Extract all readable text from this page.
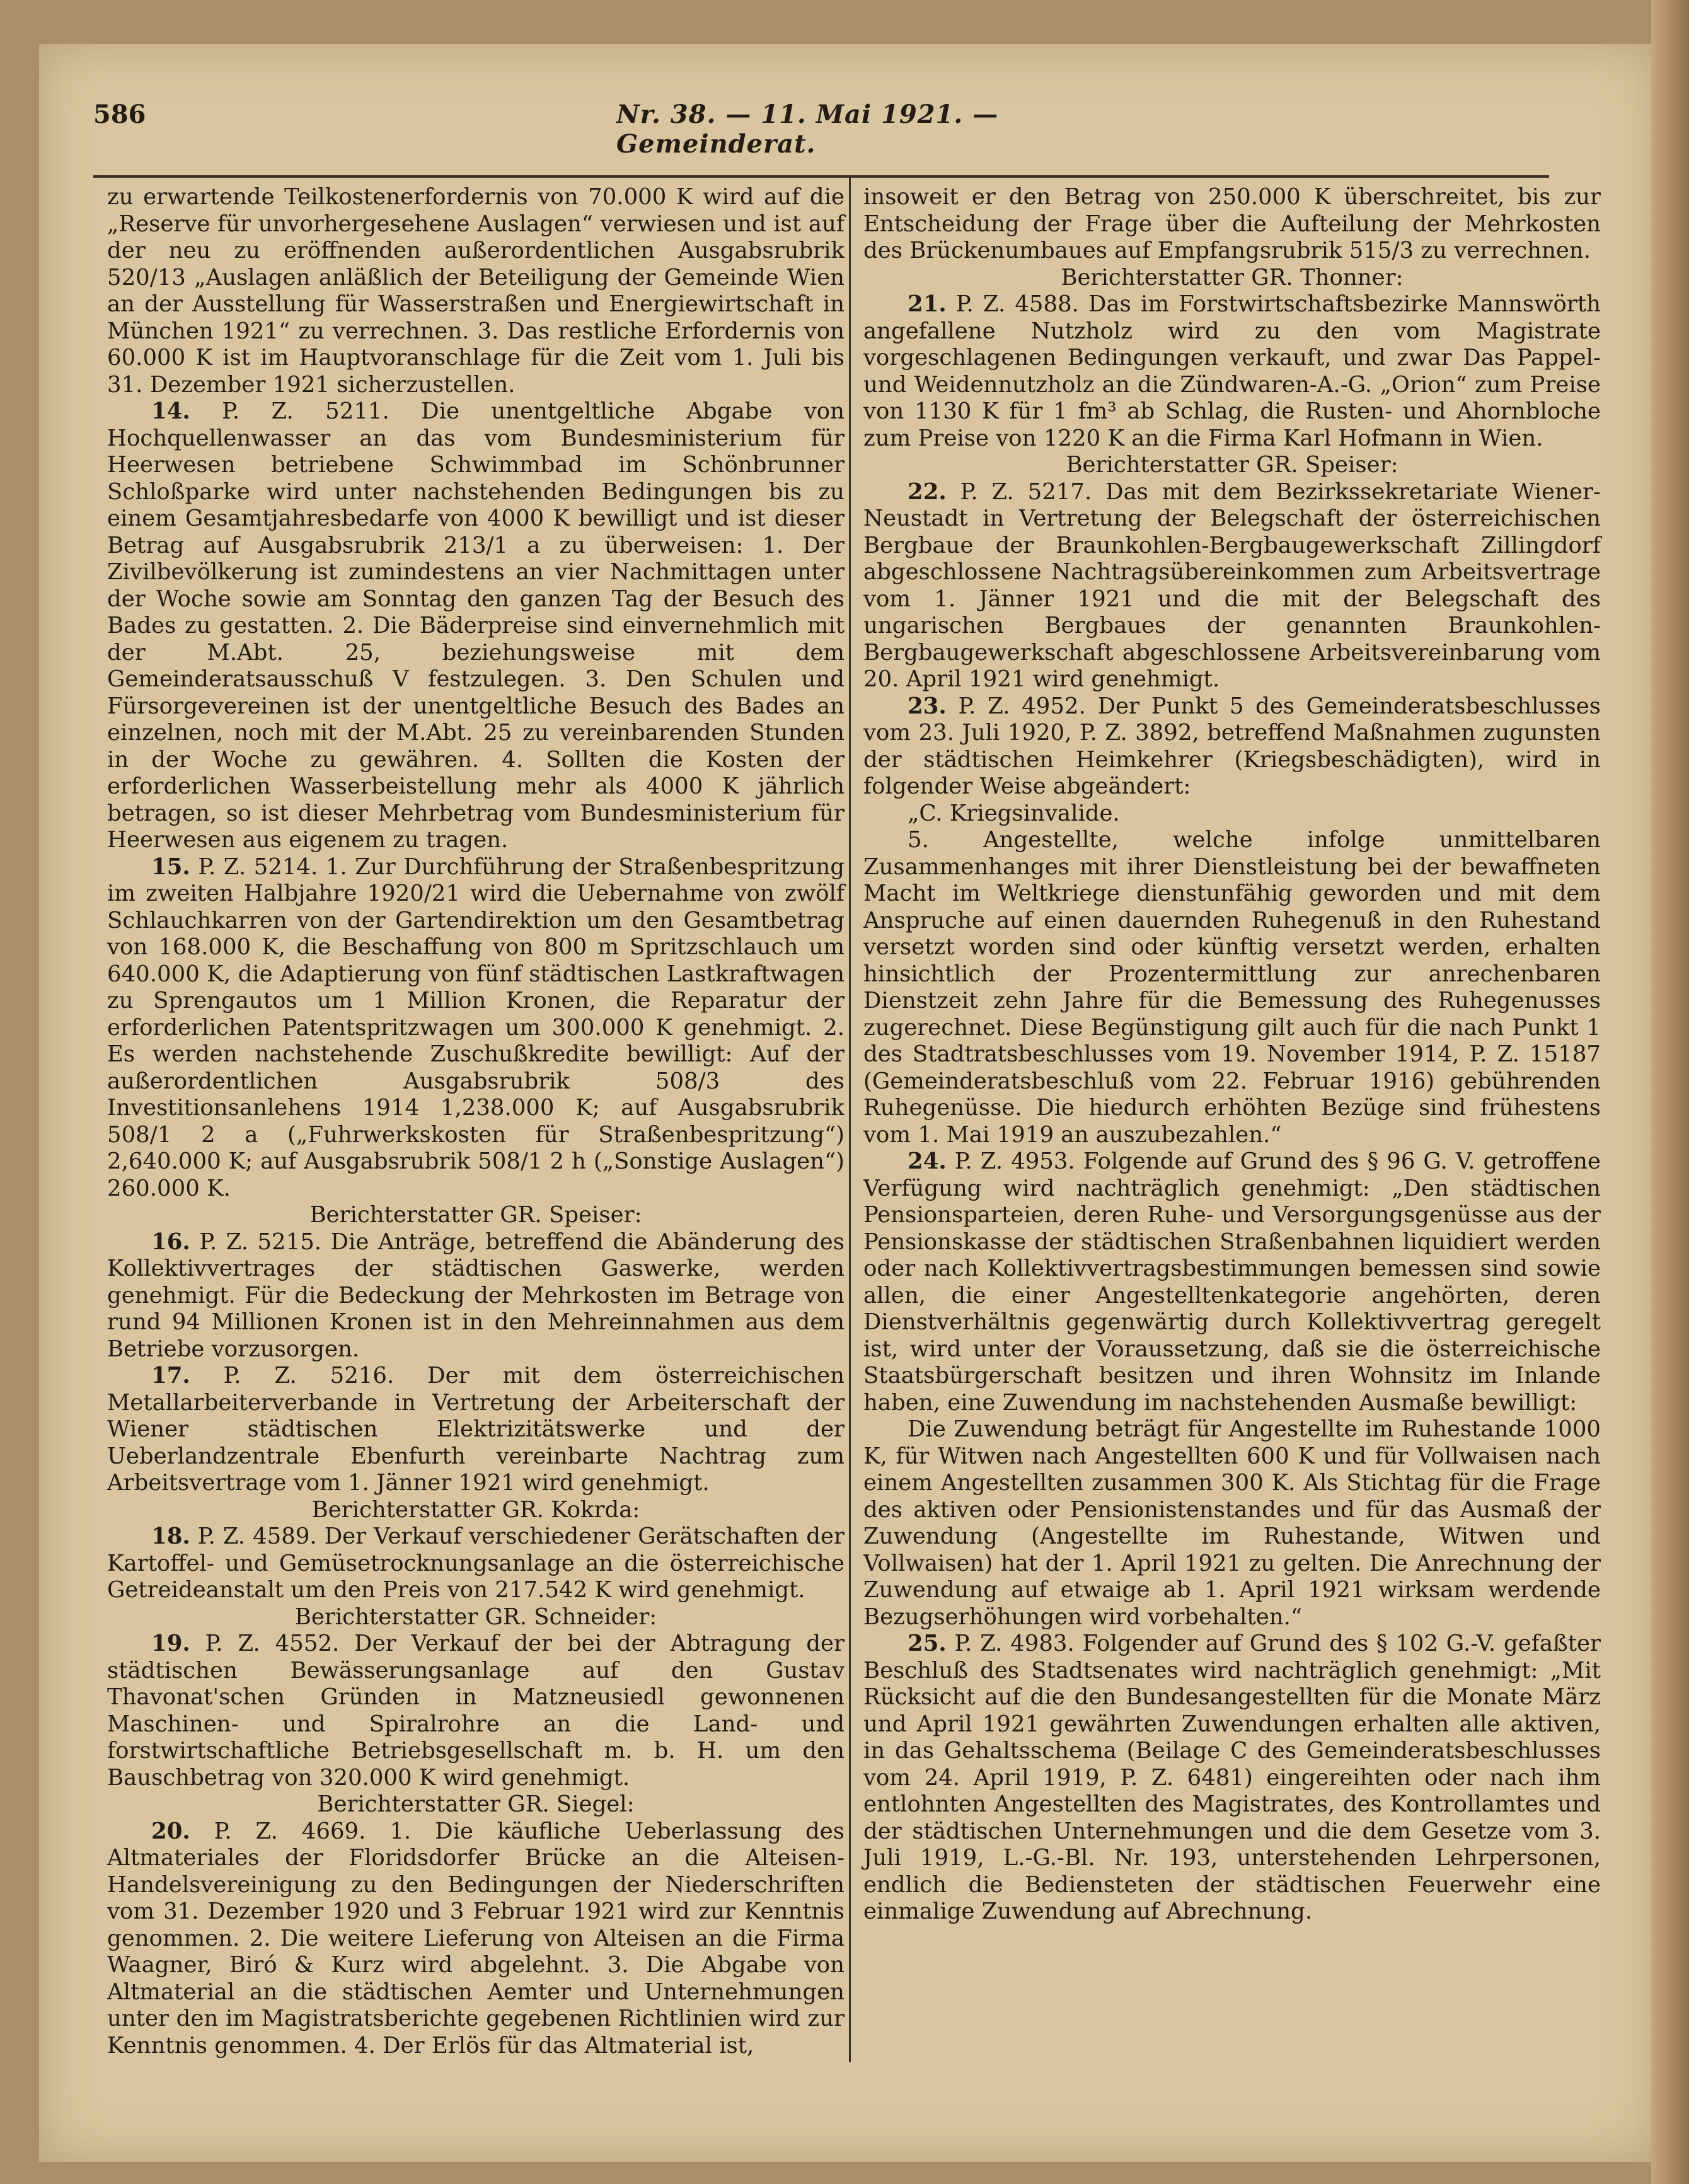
586	Nr. 38. — 11. Mai 1921. — Gemeinderat.

zu erwartende Teilkostenerfordernis von 70.000 K wird auf die „Reserve für unvorhergesehene Auslagen“ verwiesen und ist auf der neu zu eröffnenden außerordentlichen Ausgabsrubrik 520/13 „Auslagen anläßlich der Beteiligung der Gemeinde Wien an der Ausstellung für Wasserstraßen und Energiewirtschaft in München 1921“ zu verrechnen. 3. Das restliche Erfordernis von 60.000 K ist im Hauptvoranschlage für die Zeit vom 1. Juli bis 31. Dezember 1921 sicherzustellen.

14. P. Z. 5211. Die unentgeltliche Abgabe von Hochquellenwasser an das vom Bundesministerium für Heerwesen betriebene Schwimmbad im Schönbrunner Schloßparke wird unter nachstehenden Bedingungen bis zu einem Gesamtjahresbedarfe von 4000 K bewilligt und ist dieser Betrag auf Ausgabsrubrik 213/1 a zu überweisen: 1. Der Zivilbevölkerung ist zumindestens an vier Nachmittagen unter der Woche sowie am Sonntag den ganzen Tag der Besuch des Bades zu gestatten. 2. Die Bäderpreise sind einvernehmlich mit der M.Abt. 25, beziehungsweise mit dem Gemeinderatsausschuß V festzulegen. 3. Den Schulen und Fürsorgevereinen ist der unentgeltliche Besuch des Bades an einzelnen, noch mit der M.Abt. 25 zu vereinbarenden Stunden in der Woche zu gewähren. 4. Sollten die Kosten der erforderlichen Wasserbeistellung mehr als 4000 K jährlich betragen, so ist dieser Mehrbetrag vom Bundesministerium für Heerwesen aus eigenem zu tragen.

15. P. Z. 5214. 1. Zur Durchführung der Straßenbespritzung im zweiten Halbjahre 1920/21 wird die Uebernahme von zwölf Schlauchkarren von der Gartendirektion um den Gesamtbetrag von 168.000 K, die Beschaffung von 800 m Spritzschlauch um 640.000 K, die Adaptierung von fünf städtischen Lastkraftwagen zu Sprengautos um 1 Million Kronen, die Reparatur der erforderlichen Patentspritzwagen um 300.000 K genehmigt. 2. Es werden nachstehende Zuschußkredite bewilligt: Auf der außerordentlichen Ausgabsrubrik 508/3 des Investitionsanlehens 1914 1,238.000 K; auf Ausgabsrubrik 508/1 2 a („Fuhrwerkskosten für Straßenbespritzung“) 2,640.000 K; auf Ausgabsrubrik 508/1 2 h („Sonstige Auslagen“) 260.000 K.

Berichterstatter GR. Speiser:

16. P. Z. 5215. Die Anträge, betreffend die Abänderung des Kollektivvertrages der städtischen Gaswerke, werden genehmigt. Für die Bedeckung der Mehrkosten im Betrage von rund 94 Millionen Kronen ist in den Mehreinnahmen aus dem Betriebe vorzusorgen.

17. P. Z. 5216. Der mit dem österreichischen Metallarbeiterverbande in Vertretung der Arbeiterschaft der Wiener städtischen Elektrizitätswerke und der Ueberlandzentrale Ebenfurth vereinbarte Nachtrag zum Arbeitsvertrage vom 1. Jänner 1921 wird genehmigt.

Berichterstatter GR. Kokrda:

18. P. Z. 4589. Der Verkauf verschiedener Gerätschaften der Kartoffel- und Gemüsetrocknungsanlage an die österreichische Getreideanstalt um den Preis von 217.542 K wird genehmigt.

Berichterstatter GR. Schneider:

19. P. Z. 4552. Der Verkauf der bei der Abtragung der städtischen Bewässerungsanlage auf den Gustav Thavonat'schen Gründen in Matzneusiedl gewonnenen Maschinen- und Spiralrohre an die Land- und forstwirtschaftliche Betriebsgesellschaft m. b. H. um den Bauschbetrag von 320.000 K wird genehmigt.

Berichterstatter GR. Siegel:

20. P. Z. 4669. 1. Die käufliche Ueberlassung des Altmateriales der Floridsdorfer Brücke an die Alteisen-Handelsvereinigung zu den Bedingungen der Niederschriften vom 31. Dezember 1920 und 3 Februar 1921 wird zur Kenntnis genommen. 2. Die weitere Lieferung von Alteisen an die Firma Waagner, Biró & Kurz wird abgelehnt. 3. Die Abgabe von Altmaterial an die städtischen Aemter und Unternehmungen unter den im Magistratsberichte gegebenen Richtlinien wird zur Kenntnis genommen. 4. Der Erlös für das Altmaterial ist,

insoweit er den Betrag von 250.000 K überschreitet, bis zur Entscheidung der Frage über die Aufteilung der Mehrkosten des Brückenumbaues auf Empfangsrubrik 515/3 zu verrechnen.

Berichterstatter GR. Thonner:

21. P. Z. 4588. Das im Forstwirtschaftsbezirke Mannswörth angefallene Nutzholz wird zu den vom Magistrate vorgeschlagenen Bedingungen verkauft, und zwar Das Pappel- und Weidennutzholz an die Zündwaren-A.-G. „Orion“ zum Preise von 1130 K für 1 fm³ ab Schlag, die Rusten- und Ahornbloche zum Preise von 1220 K an die Firma Karl Hofmann in Wien.

Berichterstatter GR. Speiser:

22. P. Z. 5217. Das mit dem Bezirkssekretariate Wiener-Neustadt in Vertretung der Belegschaft der österreichischen Bergbaue der Braunkohlen-Bergbaugewerkschaft Zillingdorf abgeschlossene Nachtragsübereinkommen zum Arbeitsvertrage vom 1. Jänner 1921 und die mit der Belegschaft des ungarischen Bergbaues der genannten Braunkohlen-Bergbaugewerkschaft abgeschlossene Arbeitsvereinbarung vom 20. April 1921 wird genehmigt.

23. P. Z. 4952. Der Punkt 5 des Gemeinderatsbeschlusses vom 23. Juli 1920, P. Z. 3892, betreffend Maßnahmen zugunsten der städtischen Heimkehrer (Kriegsbeschädigten), wird in folgender Weise abgeändert:

„C. Kriegsinvalide.

5. Angestellte, welche infolge unmittelbaren Zusammenhanges mit ihrer Dienstleistung bei der bewaffneten Macht im Weltkriege dienstunfähig geworden und mit dem Anspruche auf einen dauernden Ruhegenuß in den Ruhestand versetzt worden sind oder künftig versetzt werden, erhalten hinsichtlich der Prozentermittlung zur anrechenbaren Dienstzeit zehn Jahre für die Bemessung des Ruhegenusses zugerechnet. Diese Begünstigung gilt auch für die nach Punkt 1 des Stadtratsbeschlusses vom 19. November 1914, P. Z. 15187 (Gemeinderatsbeschluß vom 22. Februar 1916) gebührenden Ruhegenüsse. Die hiedurch erhöhten Bezüge sind frühestens vom 1. Mai 1919 an auszubezahlen.“

24. P. Z. 4953. Folgende auf Grund des § 96 G. V. getroffene Verfügung wird nachträglich genehmigt: „Den städtischen Pensionsparteien, deren Ruhe- und Versorgungsgenüsse aus der Pensionskasse der städtischen Straßenbahnen liquidiert werden oder nach Kollektivvertragsbestimmungen bemessen sind sowie allen, die einer Angestelltenkategorie angehörten, deren Dienstverhältnis gegenwärtig durch Kollektivvertrag geregelt ist, wird unter der Voraussetzung, daß sie die österreichische Staatsbürgerschaft besitzen und ihren Wohnsitz im Inlande haben, eine Zuwendung im nachstehenden Ausmaße bewilligt:

Die Zuwendung beträgt für Angestellte im Ruhestande 1000 K, für Witwen nach Angestellten 600 K und für Vollwaisen nach einem Angestellten zusammen 300 K. Als Stichtag für die Frage des aktiven oder Pensionistenstandes und für das Ausmaß der Zuwendung (Angestellte im Ruhestande, Witwen und Vollwaisen) hat der 1. April 1921 zu gelten. Die Anrechnung der Zuwendung auf etwaige ab 1. April 1921 wirksam werdende Bezugserhöhungen wird vorbehalten.“

25. P. Z. 4983. Folgender auf Grund des § 102 G.-V. gefaßter Beschluß des Stadtsenates wird nachträglich genehmigt: „Mit Rücksicht auf die den Bundesangestellten für die Monate März und April 1921 gewährten Zuwendungen erhalten alle aktiven, in das Gehaltsschema (Beilage C des Gemeinderatsbeschlusses vom 24. April 1919, P. Z. 6481) eingereihten oder nach ihm entlohnten Angestellten des Magistrates, des Kontrollamtes und der städtischen Unternehmungen und die dem Gesetze vom 3. Juli 1919, L.-G.-Bl. Nr. 193, unterstehenden Lehrpersonen, endlich die Bediensteten der städtischen Feuerwehr eine einmalige Zuwendung auf Abrechnung.
